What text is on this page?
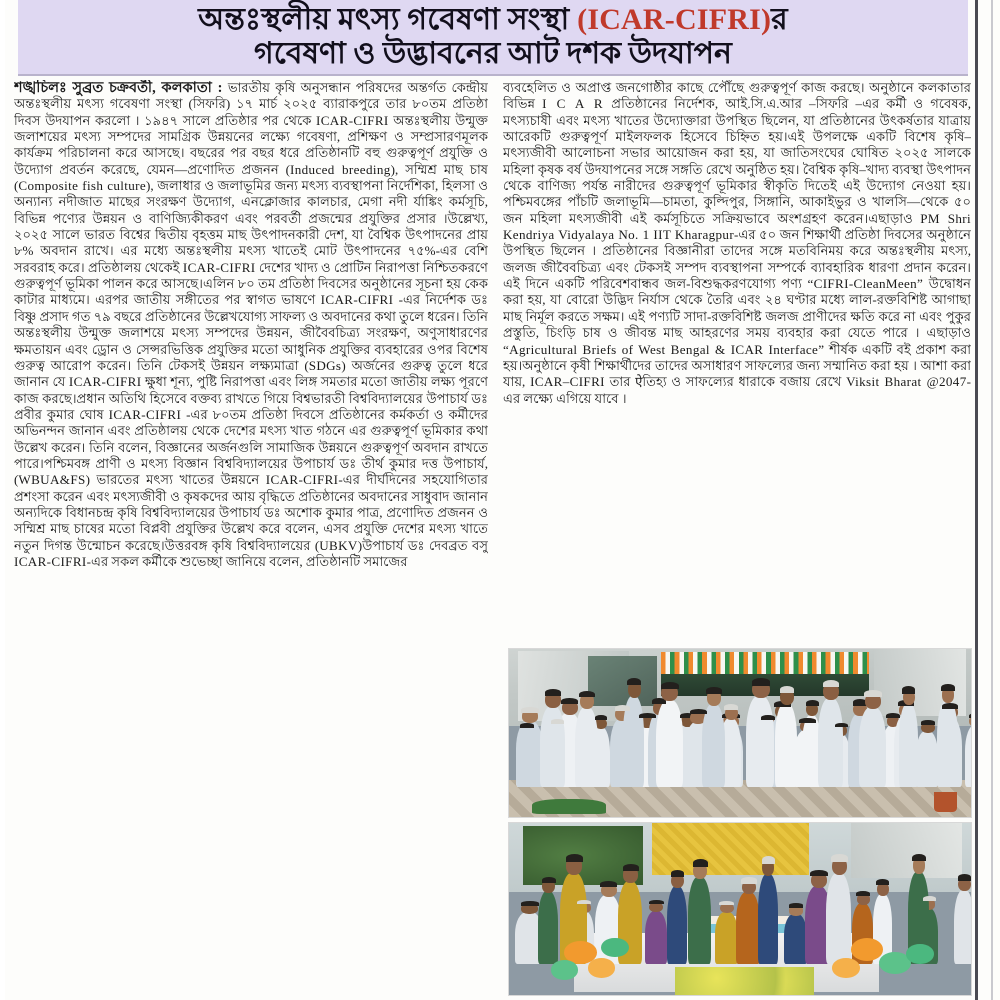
অন্তঃস্থলীয় মৎস্য গবেষণা সংস্থা (ICAR-CIFRI)র
গবেষণা ও উদ্ভাবনের আট দশক উদযাপন

শঙ্খচিলঃ সুব্রত চক্রবর্তী, কলকাতা : ভারতীয় কৃষি অনুসন্ধান পরিষদের অন্তর্গত কেন্দ্রীয় অন্তঃস্থলীয় মৎস্য গবেষণা সংস্থা (সিফরি) ১৭ মার্চ ২০২৫ ব্যারাকপুরে তার ৮০তম প্রতিষ্ঠা দিবস উদযাপন করলো । ১৯৪৭ সালে প্রতিষ্ঠার পর থেকে ICAR-CIFRI অন্তঃস্থলীয় উন্মুক্ত জলাশয়ের মৎস্য সম্পদের সামগ্রিক উন্নয়নের লক্ষ্যে গবেষণা, প্রশিক্ষণ ও সম্প্রসারণমূলক কার্যক্রম পরিচালনা করে আসছে। বছরের পর বছর ধরে প্রতিষ্ঠানটি বহু গুরুত্বপূর্ণ প্রযুক্তি ও উদ্যোগ প্রবর্তন করেছে, যেমন—প্রণোদিত প্রজনন (Induced breeding), সম্মিশ্র মাছ চাষ (Composite fish culture), জলাধার ও জলাভূমির জন্য মৎস্য ব্যবস্থাপনা নির্দেশিকা, হিলসা ও অন্যান্য নদীজাত মাছের সংরক্ষণ উদ্যোগ, এনক্লোজার কালচার, মেগা নদী র্যাঙ্কিং কর্মসূচি, বিভিন্ন পণ্যের উন্নয়ন ও বাণিজ্যিকীকরণ এবং পরবর্তী প্রজন্মের প্রযুক্তির প্রসার ।উল্লেখ্য, ২০২৫ সালে ভারত বিশ্বের দ্বিতীয় বৃহত্তম মাছ উৎপাদনকারী দেশ, যা বৈশ্বিক উৎপাদনের প্রায় ৮% অবদান রাখে। এর মধ্যে অন্তঃস্থলীয় মৎস্য খাতেই মোট উৎপাদনের ৭৫%-এর বেশি সরবরাহ করে। প্রতিষ্ঠালয় থেকেই ICAR-CIFRI দেশের খাদ্য ও প্রোটিন নিরাপত্তা নিশ্চিতকরণে গুরুত্বপূর্ণ ভূমিকা পালন করে আসছে।এলিন ৮০ তম প্রতিষ্ঠা দিবসের অনুষ্ঠানের সূচনা হয় কেক কাটার মাধ্যমে। এরপর জাতীয় সঙ্গীতের পর স্বাগত ভাষণে ICAR-CIFRI -এর নির্দেশক ডঃ বিষ্ণু প্রসাদ গত ৭৯ বছরে প্রতিষ্ঠানের উল্লেখযোগ্য সাফল্য ও অবদানের কথা তুলে ধরেন। তিনি অন্তঃস্থলীয় উন্মুক্ত জলাশয়ে মৎস্য সম্পদের উন্নয়ন, জীবৈবচিত্র্য সংরক্ষণ, অণুসাধারণের ক্ষমতায়ন এবং ড্রোন ও সেন্সরভিত্তিক প্রযুক্তির মতো আধুনিক প্রযুক্তির ব্যবহারের ওপর বিশেষ গুরুত্ব আরোপ করেন। তিনি টেকসই উন্নয়ন লক্ষ্যমাত্রা (SDGs) অর্জনের গুরুত্ব তুলে ধরে জানান যে ICAR-CIFRI ক্ষুধা শূন্য, পুষ্টি নিরাপত্তা এবং লিঙ্গ সমতার মতো জাতীয় লক্ষ্য পূরণে কাজ করছে।প্রধান অতিথি হিসেবে বক্তব্য রাখতে গিয়ে বিশ্বভারতী বিশ্ববিদ্যালয়ের উপাচার্য ডঃ প্রবীর কুমার ঘোষ ICAR-CIFRI -এর ৮০তম প্রতিষ্ঠা দিবসে প্রতিষ্ঠানের কর্মকর্তা ও কর্মীদের অভিনন্দন জানান এবং প্রতিষ্ঠালয় থেকে দেশের মৎস্য খাত গঠনে এর গুরুত্বপূর্ণ ভূমিকার কথা উল্লেখ করেন। তিনি বলেন, বিজ্ঞানের অর্জনগুলি সামাজিক উন্নয়নে গুরুত্বপূর্ণ অবদান রাখতে পারে।পশ্চিমবঙ্গ প্রাণী ও মৎস্য বিজ্ঞান বিশ্ববিদ্যালয়ের উপাচার্য ডঃ তীর্থ কুমার দত্ত উপাচার্য, (WBUA&FS) ভারতের মৎস্য খাতের উন্নয়নে ICAR-CIFRI-এর দীর্ঘদিনের সহযোগিতার প্রশংসা করেন এবং মৎস্যজীবী ও কৃষকদের আয় বৃদ্ধিতে প্রতিষ্ঠানের অবদানের সাধুবাদ জানান অন্যদিকে বিধানচন্দ্র কৃষি বিশ্ববিদ্যালয়ের উপাচার্য ডঃ অশোক কুমার পাত্র, প্রণোদিত প্রজনন ও সম্মিশ্র মাছ চাষের মতো বিপ্লবী প্রযুক্তির উল্লেখ করে বলেন, এসব প্রযুক্তি দেশের মৎস্য খাতে নতুন দিগন্ত উন্মোচন করেছে।উত্তরবঙ্গ কৃষি বিশ্ববিদ্যালয়ের (UBKV)উপাচার্য ডঃ দেবব্রত বসু ICAR-CIFRI-এর সকল কর্মীকে শুভেচ্ছা জানিয়ে বলেন, প্রতিষ্ঠানটি সমাজের

ব্যবহেলিত ও অপ্রাপ্ত জনগোষ্ঠীর কাছে পেৌঁছে গুরুত্বপূর্ণ কাজ করছে। অনুষ্ঠানে কলকাতার বিভিন্ন I C A R প্রতিষ্ঠানের নির্দেশক, আই.সি.এ.আর –সিফরি –এর কর্মী ও গবেষক, মৎস্যচাষী এবং মৎস্য খাতের উদ্যোক্তারা উপস্থিত ছিলেন, যা প্রতিষ্ঠানের উৎকর্ষতার যাত্রায় আরেকটি গুরুত্বপূর্ণ মাইলফলক হিসেবে চিহ্নিত হয়।এই উপলক্ষে একটি বিশেষ কৃষি–মৎস্যজীবী আলোচনা সভার আয়োজন করা হয়, যা জাতিসংঘের ঘোষিত ২০২৫ সালকে মহিলা কৃষক বর্ষ উদযাপনের সঙ্গে সঙ্গতি রেখে অনুষ্ঠিত হয়। বৈশ্বিক কৃষি–খাদ্য ব্যবস্থা উৎপাদন থেকে বাণিজ্য পর্যন্ত নারীদের গুরুত্বপূর্ণ ভূমিকার স্বীকৃতি দিতেই এই উদ্যোগ নেওয়া হয়। পশ্চিমবঙ্গের পাঁচটি জলাভূমি—চামতা, কুল্দিপুর, সিঙ্গানি, আকাইভুর ও খালসি—থেকে ৫০ জন মহিলা মৎস্যজীবী এই কর্মসূচিতে সক্রিয়ভাবে অংশগ্রহণ করেন।এছাড়াও PM Shri Kendriya Vidyalaya No. 1 IIT Kharagpur-এর ৫০ জন শিক্ষার্থী প্রতিষ্ঠা দিবসের অনুষ্ঠানে উপস্থিত ছিলেন । প্রতিষ্ঠানের বিজ্ঞানীরা তাদের সঙ্গে মতবিনিময় করে অন্তঃস্থলীয় মৎস্য, জলজ জীবৈবচিত্র্য এবং টেকসই সম্পদ ব্যবস্থাপনা সম্পর্কে ব্যাবহারিক ধারণা প্রদান করেন। এই দিনে একটি পরিবেশবান্ধব জল-বিশুদ্ধকরণযোগ্য পণ্য “CIFRI-CleanMeen” উদ্বোধন করা হয়, যা বোরো উদ্ভিদ নির্যাস থেকে তৈরি এবং ২৪ ঘণ্টার মধ্যে লাল-রক্তবিশিষ্ট আগাছা মাছ নির্মূল করতে সক্ষম। এই পণ্যটি সাদা-রক্তবিশিষ্ট জলজ প্রাণীদের ক্ষতি করে না এবং পুকুর প্রস্তুতি, চিংড়ি চাষ ও জীবন্ত মাছ আহরণের সময় ব্যবহার করা যেতে পারে । এছাড়াও “Agricultural Briefs of West Bengal & ICAR Interface” শীর্ষক একটি বই প্রকাশ করা হয়।অনুষ্ঠানে কৃষী শিক্ষার্থীদের তাদের অসাধারণ সাফল্যের জন্য সম্মানিত করা হয় । আশা করা যায়, ICAR–CIFRI তার ऐতিহ্য ও সাফল্যের ধারাকে বজায় রেখে Viksit Bharat @2047-এর লক্ষ্যে এগিয়ে যাবে ।
